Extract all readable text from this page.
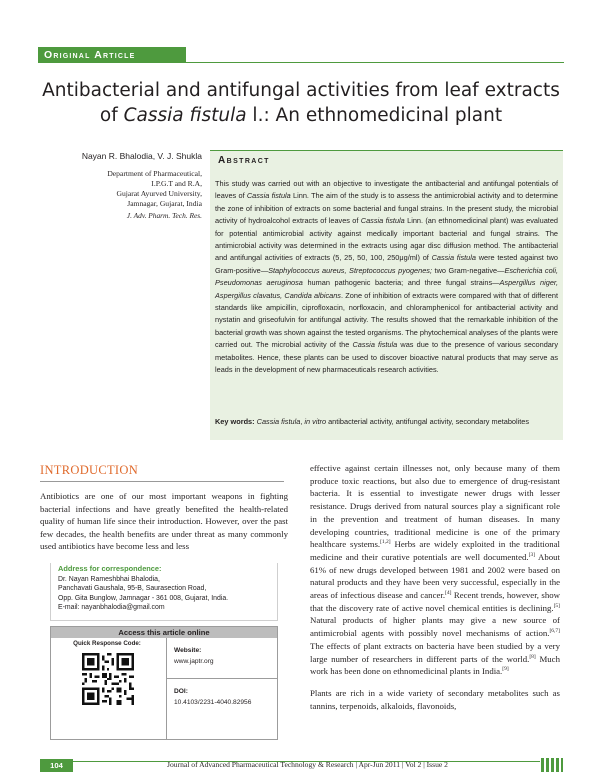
Original Article
Antibacterial and antifungal activities from leaf extracts of Cassia fistula l.: An ethnomedicinal plant
Nayan R. Bhalodia, V. J. Shukla
Department of Pharmaceutical,
I.P.G.T and R.A,
Gujarat Ayurved University,
Jamnagar, Gujarat, India
J. Adv. Pharm. Tech. Res.
Abstract
This study was carried out with an objective to investigate the antibacterial and antifungal potentials of leaves of Cassia fistula Linn. The aim of the study is to assess the antimicrobial activity and to determine the zone of inhibition of extracts on some bacterial and fungal strains. In the present study, the microbial activity of hydroalcohol extracts of leaves of Cassia fistula Linn. (an ethnomedicinal plant) was evaluated for potential antimicrobial activity against medically important bacterial and fungal strains. The antimicrobial activity was determined in the extracts using agar disc diffusion method. The antibacterial and antifungal activities of extracts (5, 25, 50, 100, 250μg/ml) of Cassia fistula were tested against two Gram-positive—Staphylococcus aureus, Streptococcus pyogenes; two Gram-negative—Escherichia coli, Pseudomonas aeruginosa human pathogenic bacteria; and three fungal strains—Aspergillus niger, Aspergillus clavatus, Candida albicans. Zone of inhibition of extracts were compared with that of different standards like ampicillin, ciprofloxacin, norfloxacin, and chloramphenicol for antibacterial activity and nystatin and griseofulvin for antifungal activity. The results showed that the remarkable inhibition of the bacterial growth was shown against the tested organisms. The phytochemical analyses of the plants were carried out. The microbial activity of the Cassia fistula was due to the presence of various secondary metabolites. Hence, these plants can be used to discover bioactive natural products that may serve as leads in the development of new pharmaceuticals research activities.
Key words: Cassia fistula, in vitro antibacterial activity, antifungal activity, secondary metabolites
INTRODUCTION
Antibiotics are one of our most important weapons in fighting bacterial infections and have greatly benefited the health-related quality of human life since their introduction. However, over the past few decades, the health benefits are under threat as many commonly used antibiotics have become less and less
Address for correspondence:
Dr. Nayan Rameshbhai Bhalodia,
Panchavati Gaushala, 95-B, Saurasection Road,
Opp. Gita Bunglow, Jamnagar - 361 008, Gujarat, India.
E-mail: nayanbhalodia@gmail.com
Access this article online
Quick Response Code:
Website:
www.japtr.org
DOI:
10.4103/2231-4040.82956

effective against certain illnesses not, only because many of them produce toxic reactions, but also due to emergence of drug-resistant bacteria. It is essential to investigate newer drugs with lesser resistance. Drugs derived from natural sources play a significant role in the prevention and treatment of human diseases. In many developing countries, traditional medicine is one of the primary healthcare systems.[1,2] Herbs are widely exploited in the traditional medicine and their curative potentials are well documented.[3] About 61% of new drugs developed between 1981 and 2002 were based on natural products and they have been very successful, especially in the areas of infectious disease and cancer.[4] Recent trends, however, show that the discovery rate of active novel chemical entities is declining.[5] Natural products of higher plants may give a new source of antimicrobial agents with possibly novel mechanisms of action.[6,7] The effects of plant extracts on bacteria have been studied by a very large number of researchers in different parts of the world.[8] Much work has been done on ethnomedicinal plants in India.[9]

Plants are rich in a wide variety of secondary metabolites such as tannins, terpenoids, alkaloids, flavonoids,

104	Journal of Advanced Pharmaceutical Technology & Research | Apr-Jun 2011 | Vol 2 | Issue 2
